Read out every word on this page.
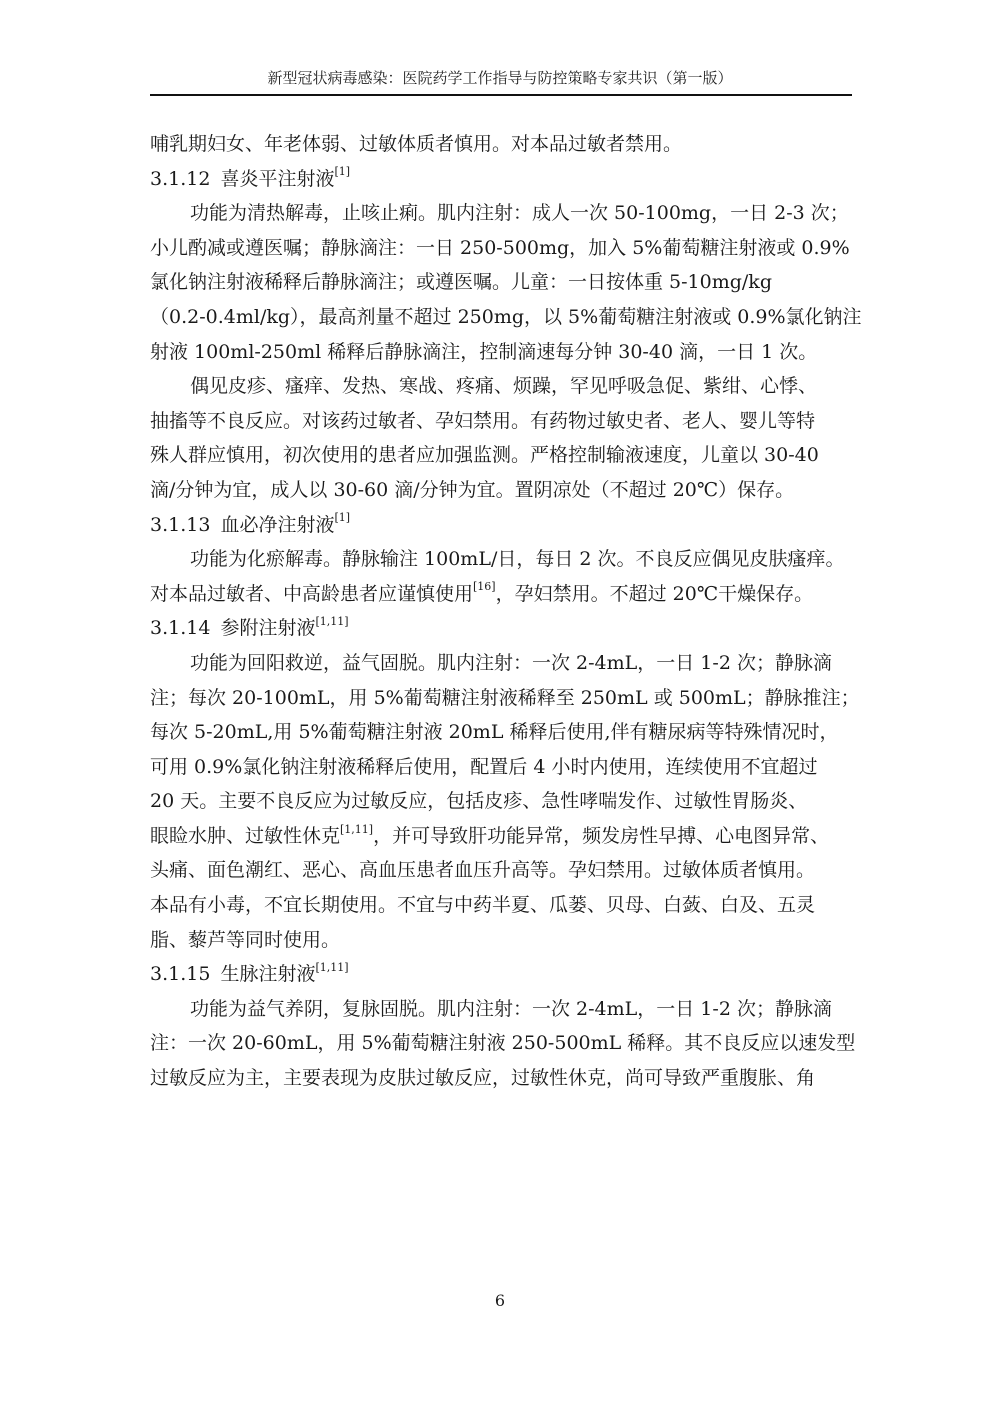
新型冠状病毒感染：医院药学工作指导与防控策略专家共识（第一版）
哺乳期妇女、年老体弱、过敏体质者慎用。对本品过敏者禁用。
3.1.12 喜炎平注射液[1]
功能为清热解毒，止咳止痢。肌内注射：成人一次 50-100mg，一日 2-3 次；
小儿酌减或遵医嘱；静脉滴注：一日 250-500mg，加入 5%葡萄糖注射液或 0.9%
氯化钠注射液稀释后静脉滴注；或遵医嘱。儿童：一日按体重 5-10mg/kg
（0.2-0.4ml/kg），最高剂量不超过 250mg，以 5%葡萄糖注射液或 0.9%氯化钠注
射液 100ml-250ml 稀释后静脉滴注，控制滴速每分钟 30-40 滴，一日 1 次。
偶见皮疹、瘙痒、发热、寒战、疼痛、烦躁，罕见呼吸急促、紫绀、心悸、
抽搐等不良反应。对该药过敏者、孕妇禁用。有药物过敏史者、老人、婴儿等特
殊人群应慎用，初次使用的患者应加强监测。严格控制输液速度，儿童以 30-40
滴/分钟为宜，成人以 30-60 滴/分钟为宜。置阴凉处（不超过 20℃）保存。
3.1.13 血必净注射液[1]
功能为化瘀解毒。静脉输注 100mL/日，每日 2 次。不良反应偶见皮肤瘙痒。
对本品过敏者、中高龄患者应谨慎使用[16]，孕妇禁用。不超过 20℃干燥保存。
3.1.14 参附注射液[1,11]
功能为回阳救逆，益气固脱。肌内注射：一次 2-4mL，一日 1-2 次；静脉滴
注；每次 20-100mL，用 5%葡萄糖注射液稀释至 250mL 或 500mL；静脉推注；
每次 5-20mL,用 5%葡萄糖注射液 20mL 稀释后使用,伴有糖尿病等特殊情况时，
可用 0.9%氯化钠注射液稀释后使用，配置后 4 小时内使用，连续使用不宜超过
20 天。主要不良反应为过敏反应，包括皮疹、急性哮喘发作、过敏性胃肠炎、
眼睑水肿、过敏性休克[1,11]，并可导致肝功能异常，频发房性早搏、心电图异常、
头痛、面色潮红、恶心、高血压患者血压升高等。孕妇禁用。过敏体质者慎用。
本品有小毒，不宜长期使用。不宜与中药半夏、瓜蒌、贝母、白蔹、白及、五灵
脂、藜芦等同时使用。
3.1.15 生脉注射液[1,11]
功能为益气养阴，复脉固脱。肌内注射：一次 2-4mL，一日 1-2 次；静脉滴
注：一次 20-60mL，用 5%葡萄糖注射液 250-500mL 稀释。其不良反应以速发型
过敏反应为主，主要表现为皮肤过敏反应，过敏性休克，尚可导致严重腹胀、角
6
